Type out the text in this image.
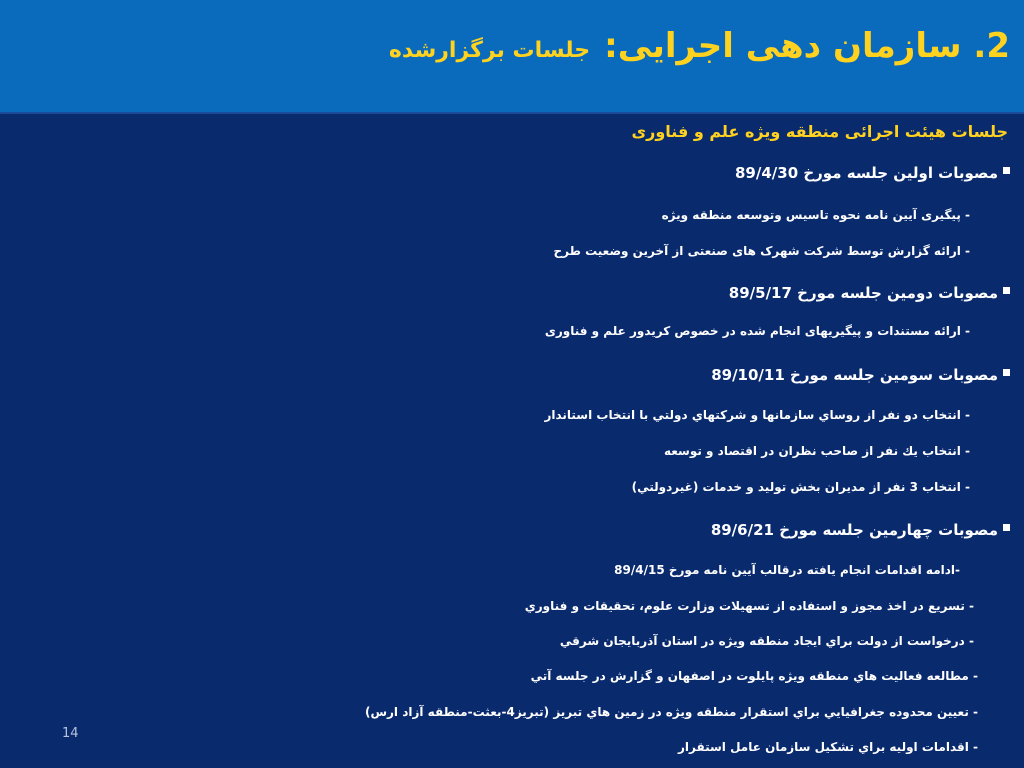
2. سازمان دهی اجرایی:جلسات برگزارشده
جلسات هیئت اجرائی منطقه ویژه علم و فناوری
مصوبات اولین جلسه مورخ 89/4/30
- پیگیری آیین نامه نحوه تاسیس وتوسعه منطقه ویژه
- ارائه گزارش توسط شرکت شهرک های صنعتی از آخرین وضعیت طرح
مصوبات دومین جلسه مورخ 89/5/17
- ارائه مستندات و پیگیریهای انجام شده در خصوص کریدور علم و فناوری
مصوبات سومین جلسه مورخ 89/10/11
- انتخاب دو نفر از روساي سازمانها و شرکتهاي دولتي با انتخاب استاندار
- انتخاب يك نفر از صاحب نظران در اقتصاد و توسعه
- انتخاب 3 نفر از مديران بخش توليد و خدمات (غيردولتي)
مصوبات چهارمین جلسه مورخ 89/6/21
-ادامه اقدامات انجام یافته درقالب آیین نامه مورخ 89/4/15
- تسريع در اخذ مجوز و استفاده از تسهيلات وزارت علوم، تحقيقات و فناوري
- درخواست از دولت براي ايجاد منطقه ويژه در استان آذربايجان شرقي
- مطالعه فعاليت هاي منطقه ويژه پايلوت در اصفهان و گزارش در جلسه آتي
- تعيين محدوده جغرافيايي براي استقرار منطقه ويژه در زمين هاي تبريز (تبريز4-بعثت-منطقه آزاد ارس)
- اقدامات اوليه براي تشكيل سازمان عامل استقرار
14
